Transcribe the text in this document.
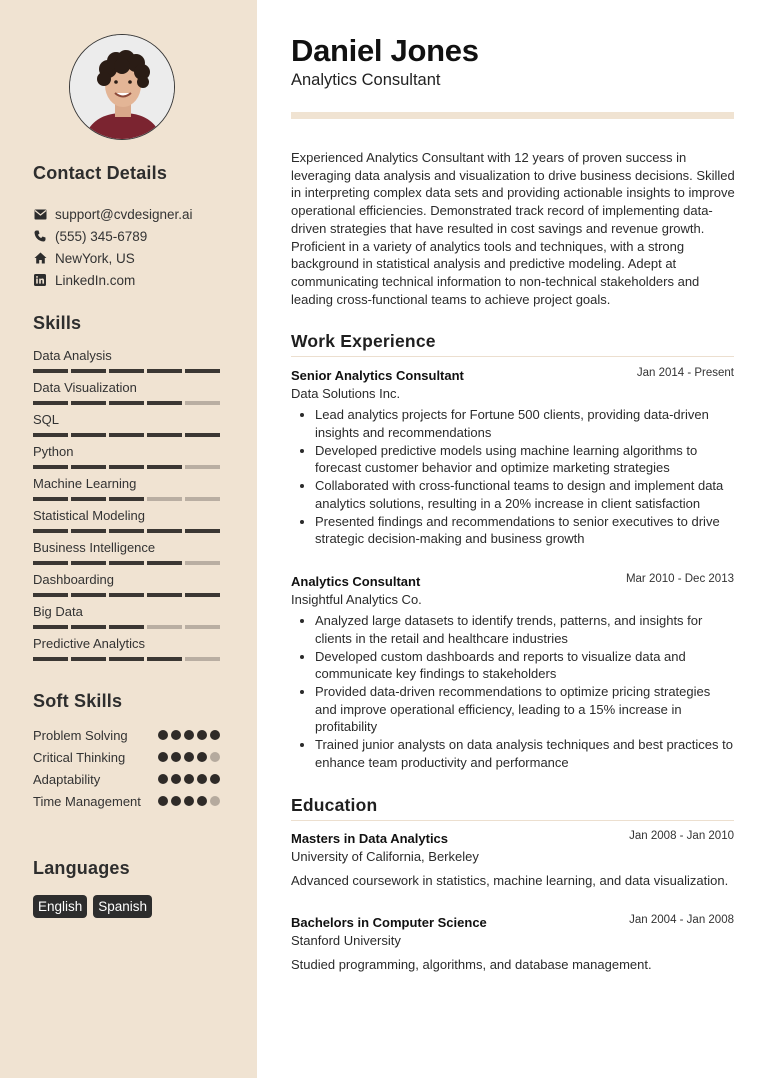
Contact Details
support@cvdesigner.ai
(555) 345-6789
NewYork, US
LinkedIn.com
Skills
Data Analysis
Data Visualization
SQL
Python
Machine Learning
Statistical Modeling
Business Intelligence
Dashboarding
Big Data
Predictive Analytics
Soft Skills
Problem Solving
Critical Thinking
Adaptability
Time Management
Languages
English	Spanish
Daniel Jones
Analytics Consultant

Experienced Analytics Consultant with 12 years of proven success in leveraging data analysis and visualization to drive business decisions. Skilled in interpreting complex data sets and providing actionable insights to improve operational efficiencies. Demonstrated track record of implementing data-driven strategies that have resulted in cost savings and revenue growth. Proficient in a variety of analytics tools and techniques, with a strong background in statistical analysis and predictive modeling. Adept at communicating technical information to non-technical stakeholders and leading cross-functional teams to achieve project goals.

Work Experience
Senior Analytics Consultant	Jan 2014 - Present
Data Solutions Inc.
• Lead analytics projects for Fortune 500 clients, providing data-driven insights and recommendations
• Developed predictive models using machine learning algorithms to forecast customer behavior and optimize marketing strategies
• Collaborated with cross-functional teams to design and implement data analytics solutions, resulting in a 20% increase in client satisfaction
• Presented findings and recommendations to senior executives to drive strategic decision-making and business growth
Analytics Consultant	Mar 2010 - Dec 2013
Insightful Analytics Co.
• Analyzed large datasets to identify trends, patterns, and insights for clients in the retail and healthcare industries
• Developed custom dashboards and reports to visualize data and communicate key findings to stakeholders
• Provided data-driven recommendations to optimize pricing strategies and improve operational efficiency, leading to a 15% increase in profitability
• Trained junior analysts on data analysis techniques and best practices to enhance team productivity and performance
Education
Masters in Data Analytics	Jan 2008 - Jan 2010
University of California, Berkeley
Advanced coursework in statistics, machine learning, and data visualization.
Bachelors in Computer Science	Jan 2004 - Jan 2008
Stanford University
Studied programming, algorithms, and database management.
